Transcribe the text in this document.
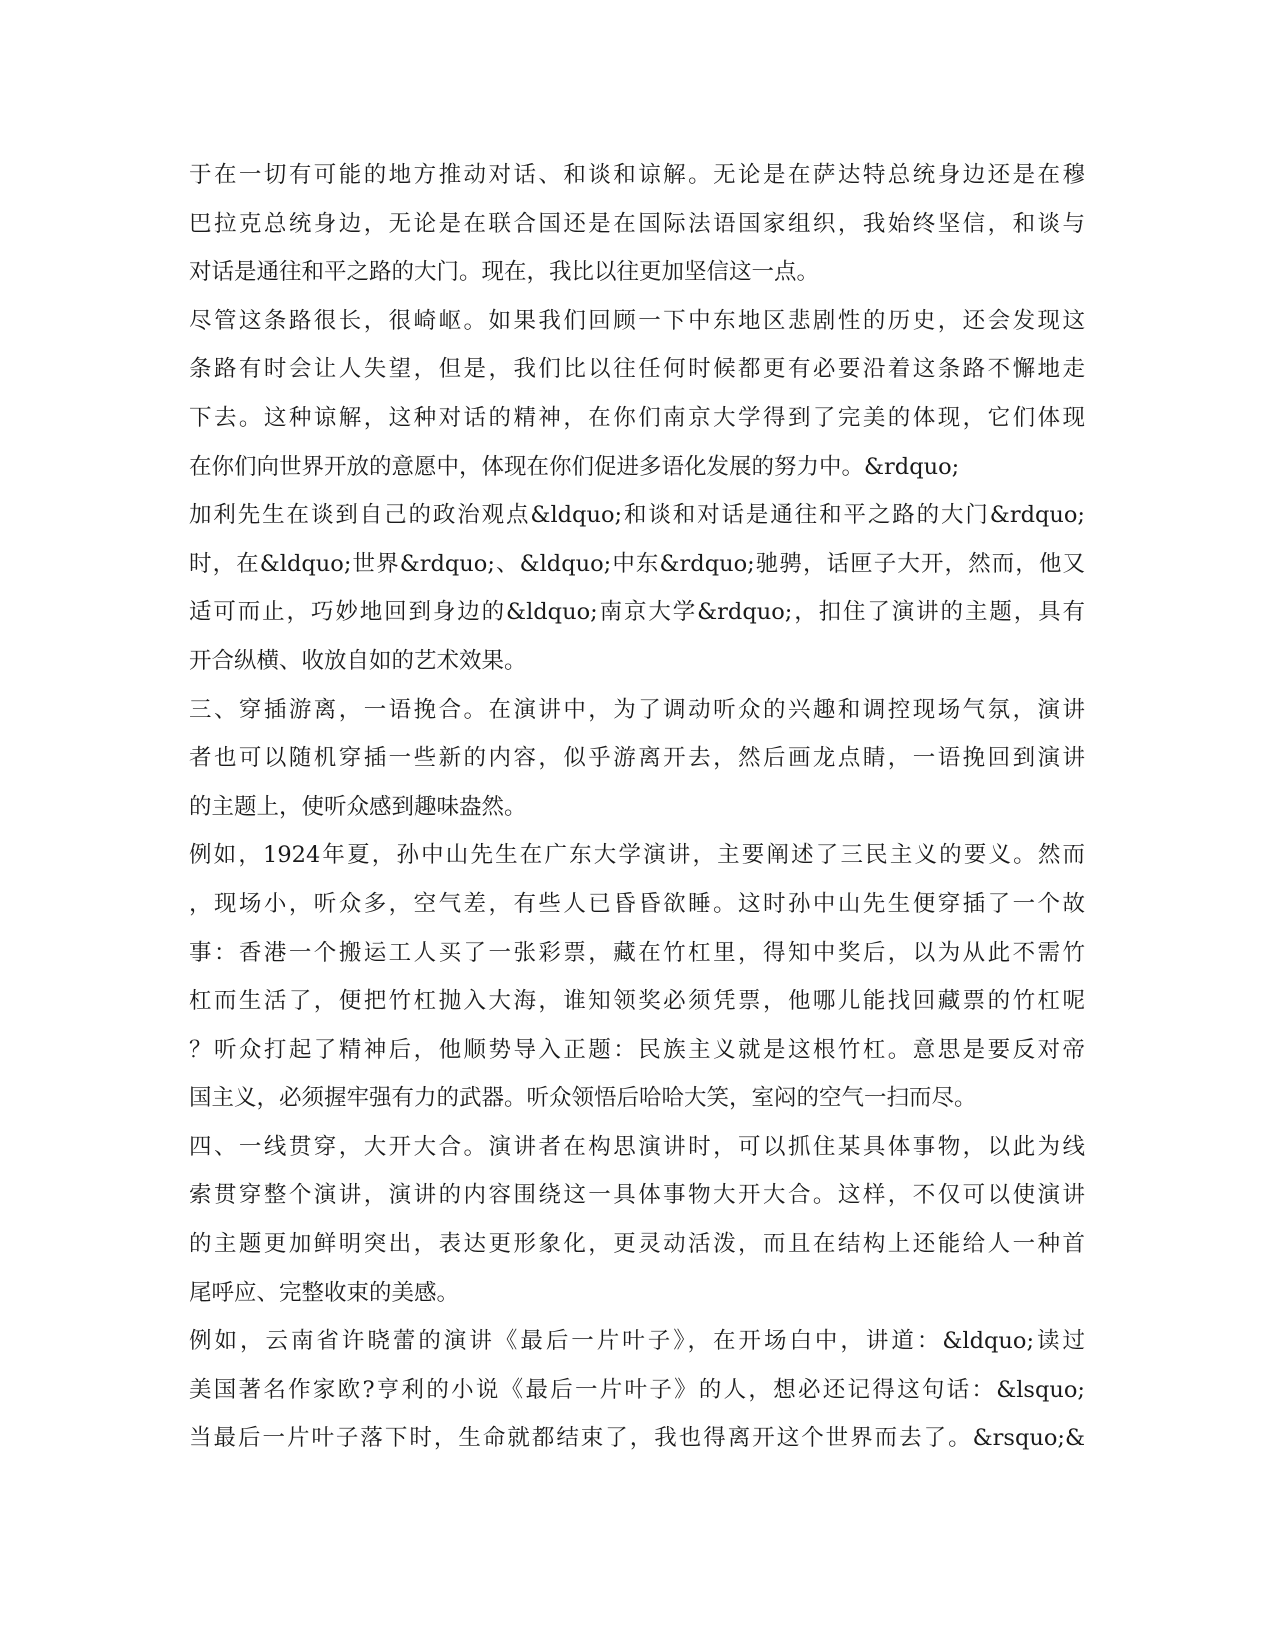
于在一切有可能的地方推动对话、和谈和谅解。无论是在萨达特总统身边还是在穆
巴拉克总统身边，无论是在联合国还是在国际法语国家组织，我始终坚信，和谈与
对话是通往和平之路的大门。现在，我比以往更加坚信这一点。
尽管这条路很长，很崎岖。如果我们回顾一下中东地区悲剧性的历史，还会发现这
条路有时会让人失望，但是，我们比以往任何时候都更有必要沿着这条路不懈地走
下去。这种谅解，这种对话的精神，在你们南京大学得到了完美的体现，它们体现
在你们向世界开放的意愿中，体现在你们促进多语化发展的努力中。&rdquo;
加利先生在谈到自己的政治观点&ldquo;和谈和对话是通往和平之路的大门&rdquo;
时，在&ldquo;世界&rdquo;、&ldquo;中东&rdquo;驰骋，话匣子大开，然而，他又
适可而止，巧妙地回到身边的&ldquo;南京大学&rdquo;，扣住了演讲的主题，具有
开合纵横、收放自如的艺术效果。
三、穿插游离，一语挽合。在演讲中，为了调动听众的兴趣和调控现场气氛，演讲
者也可以随机穿插一些新的内容，似乎游离开去，然后画龙点睛，一语挽回到演讲
的主题上，使听众感到趣味盎然。
例如，1924年夏，孙中山先生在广东大学演讲，主要阐述了三民主义的要义。然而
，现场小，听众多，空气差，有些人已昏昏欲睡。这时孙中山先生便穿插了一个故
事：香港一个搬运工人买了一张彩票，藏在竹杠里，得知中奖后，以为从此不需竹
杠而生活了，便把竹杠抛入大海，谁知领奖必须凭票，他哪儿能找回藏票的竹杠呢
？听众打起了精神后，他顺势导入正题：民族主义就是这根竹杠。意思是要反对帝
国主义，必须握牢强有力的武器。听众领悟后哈哈大笑，室闷的空气一扫而尽。
四、一线贯穿，大开大合。演讲者在构思演讲时，可以抓住某具体事物，以此为线
索贯穿整个演讲，演讲的内容围绕这一具体事物大开大合。这样，不仅可以使演讲
的主题更加鲜明突出，表达更形象化，更灵动活泼，而且在结构上还能给人一种首
尾呼应、完整收束的美感。
例如，云南省许晓蕾的演讲《最后一片叶子》，在开场白中，讲道：&ldquo;读过
美国著名作家欧?亨利的小说《最后一片叶子》的人，想必还记得这句话：&lsquo;
当最后一片叶子落下时，生命就都结束了，我也得离开这个世界而去了。&rsquo;&
